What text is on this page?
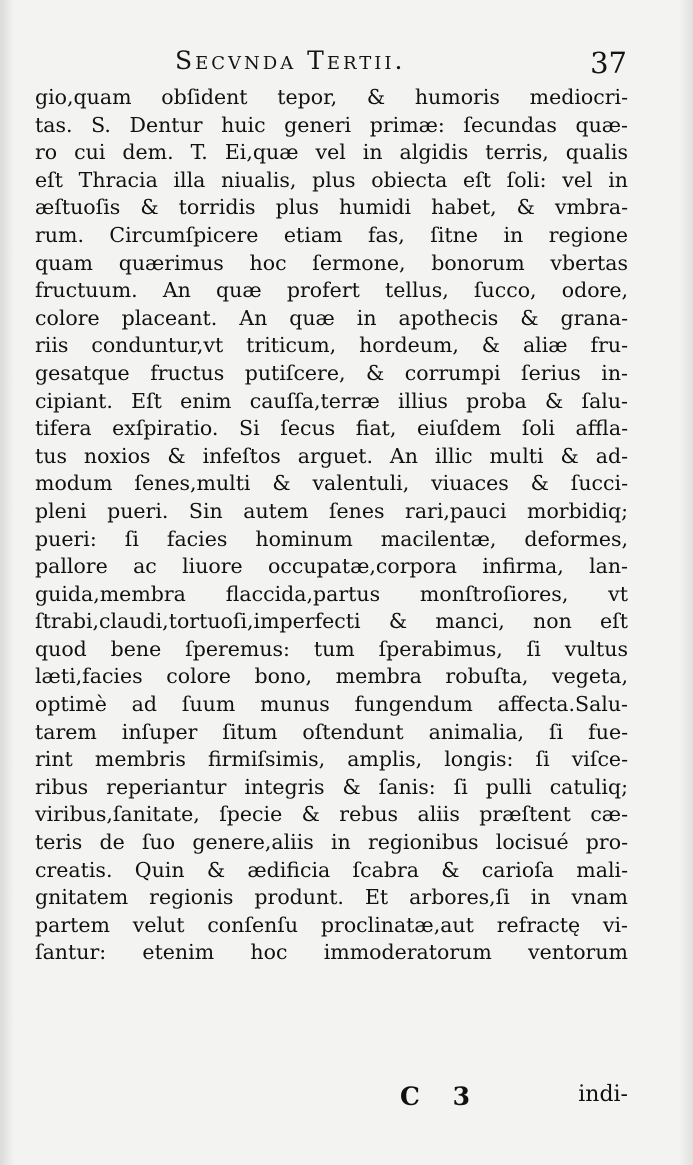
Secvnda Tertii.	37
gio,quam obſident tepor, & humoris mediocri-
tas. S. Dentur huic generi primæ: ſecundas quæ-
ro cui dem. T. Ei,quæ vel in algidis terris, qualis
eſt Thracia illa niualis, plus obiecta eſt ſoli: vel in
æſtuoſis & torridis plus humidi habet, & vmbra-
rum. Circumſpicere etiam fas, ſitne in regione
quam quærimus hoc ſermone, bonorum vbertas
fructuum. An quæ profert tellus, ſucco, odore,
colore placeant. An quæ in apothecis & grana-
riis conduntur,vt triticum, hordeum, & aliæ fru-
gesatque fructus putiſcere, & corrumpi ſerius in-
cipiant. Eſt enim cauſſa,terræ illius proba & ſalu-
tifera exſpiratio. Si ſecus fiat, eiuſdem ſoli affla-
tus noxios & infeſtos arguet. An illic multi & ad-
modum ſenes,multi & valentuli, viuaces & ſucci-
pleni pueri. Sin autem ſenes rari,pauci morbidiq;
pueri: ſi facies hominum macilentæ, deformes,
pallore ac liuore occupatæ,corpora infirma, lan-
guida,membra flaccida,partus monſtroſiores, vt
ſtrabi,claudi,tortuoſi,imperfecti & manci, non eſt
quod bene ſperemus: tum ſperabimus, ſi vultus
læti,facies colore bono, membra robuſta, vegeta,
optimè ad ſuum munus fungendum affecta.Salu-
tarem inſuper ſitum oſtendunt animalia, ſi fue-
rint membris firmiſsimis, amplis, longis: ſi viſce-
ribus reperiantur integris & ſanis: ſi pulli catuliq;
viribus,ſanitate, ſpecie & rebus aliis præſtent cæ-
teris de ſuo genere,aliis in regionibus locisué pro-
creatis. Quin & ædificia ſcabra & carioſa mali-
gnitatem regionis produnt. Et arbores,ſi in vnam
partem velut conſenſu proclinatæ,aut refractę vi-
ſantur: etenim hoc immoderatorum ventorum
C 3	indi-
